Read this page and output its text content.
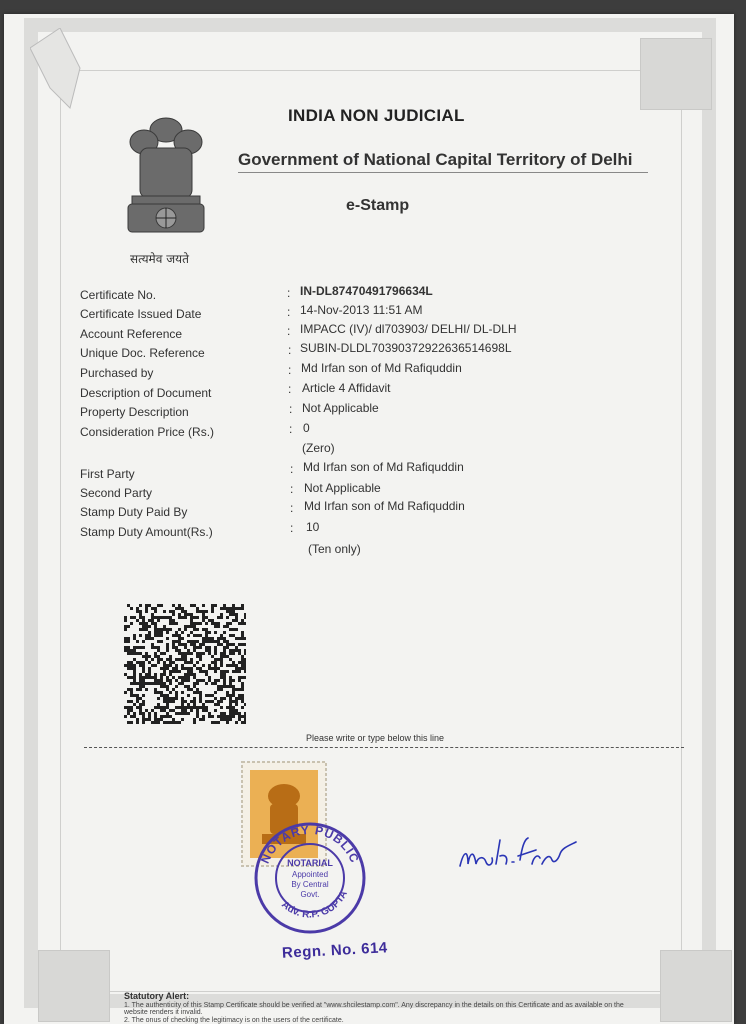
सत्यमेव जयते
INDIA NON JUDICIAL
Government of National Capital Territory of Delhi
e-Stamp
Certificate No.	: IN-DL87470491796634L
Certificate Issued Date	: 14-Nov-2013 11:51 AM
Account Reference	: IMPACC (IV)/ dl703903/ DELHI/ DL-DLH
Unique Doc. Reference	: SUBIN-DLDL70390372922636514698L
Purchased by	: Md Irfan son of Md Rafiquddin
Description of Document	: Article 4 Affidavit
Property Description	: Not Applicable
Consideration Price (Rs.)	: 0
(Zero)
First Party	: Md Irfan son of Md Rafiquddin
Second Party	: Not Applicable
Stamp Duty Paid By	: Md Irfan son of Md Rafiquddin
Stamp Duty Amount(Rs.)	: 10
(Ten only)
Please write or type below this line
NOTARY PUBLIC
Adv. R.P. GUPTA
NOTARIAL
Appointed
By Central
Govt.
Regn. No. 614
Statutory Alert:
1. The authenticity of this Stamp Certificate should be verified at "www.shcilestamp.com". Any discrepancy in the details on this Certificate and as available on the website renders it invalid.
2. The onus of checking the legitimacy is on the users of the certificate.
